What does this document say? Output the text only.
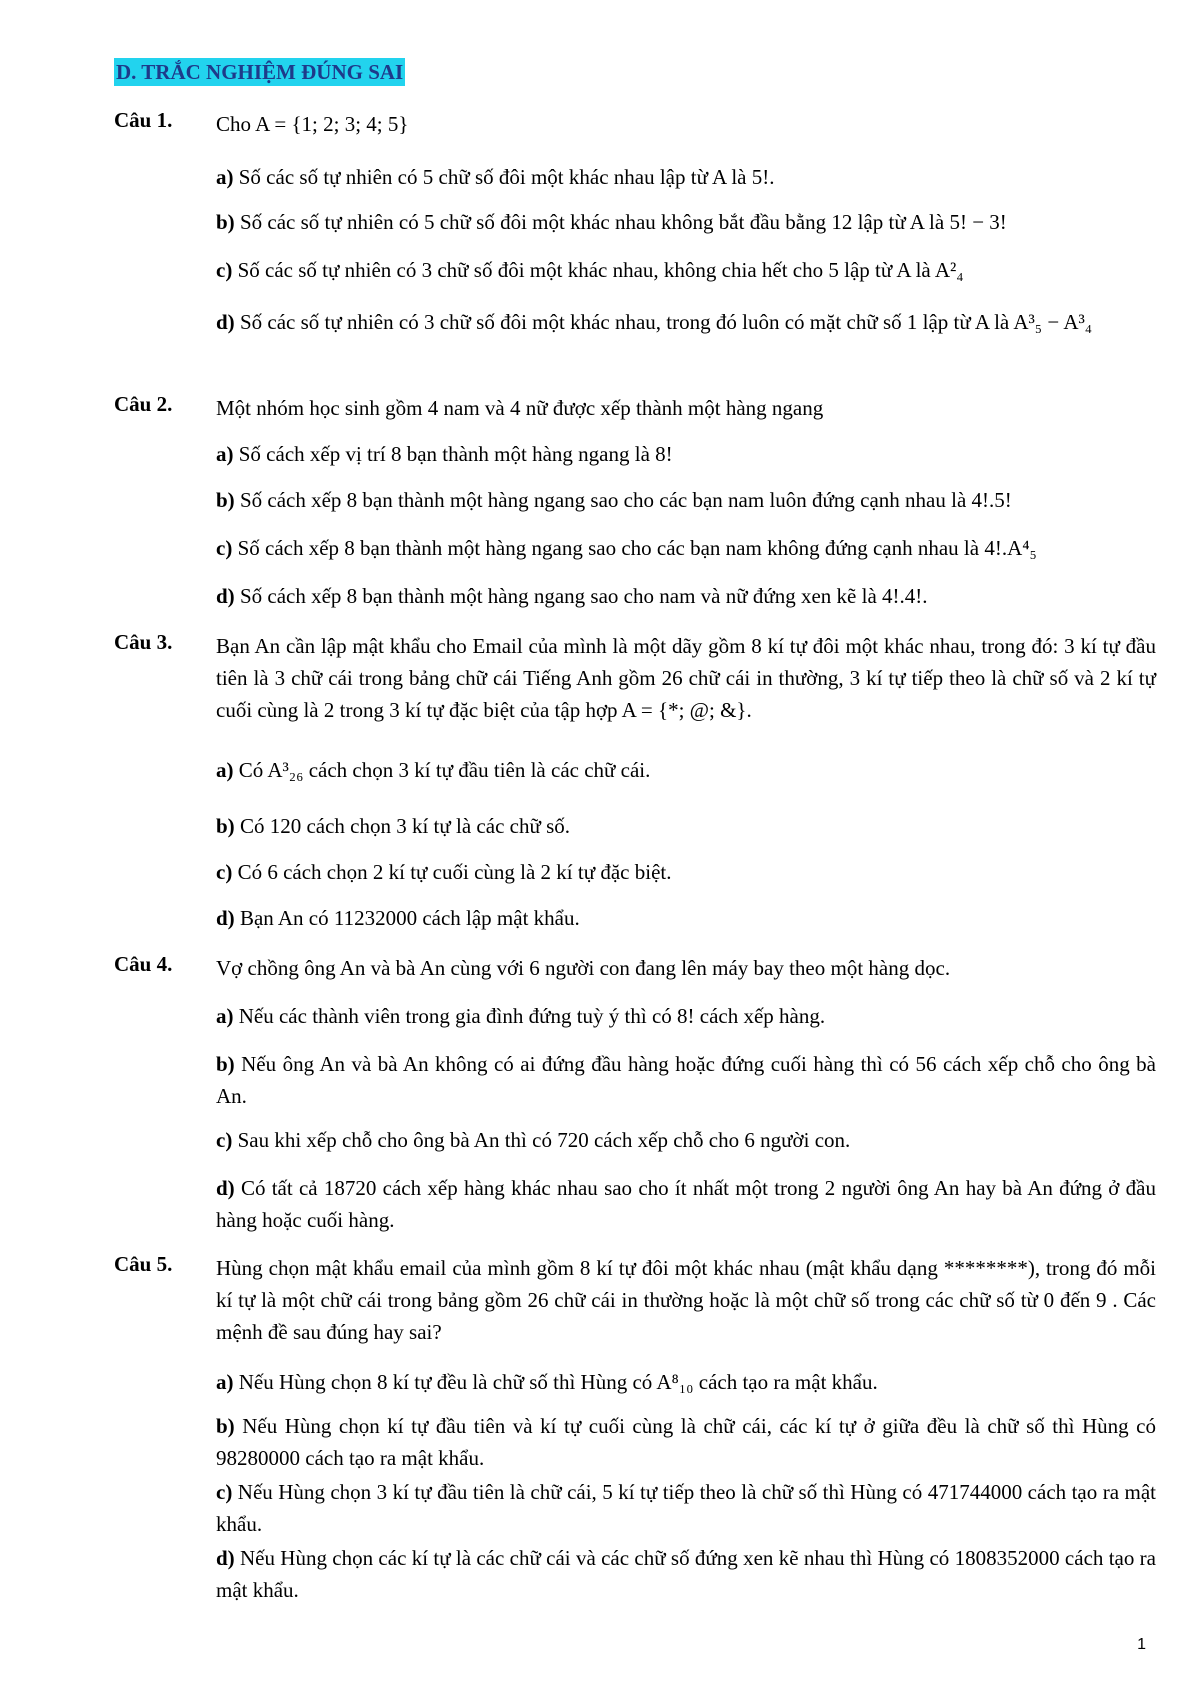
D. TRẮC NGHIỆM ĐÚNG SAI
Câu 1. Cho A = {1; 2; 3; 4; 5}
a) Số các số tự nhiên có 5 chữ số đôi một khác nhau lập từ A là 5!.
b) Số các số tự nhiên có 5 chữ số đôi một khác nhau không bắt đầu bằng 12 lập từ A là 5! − 3!
c) Số các số tự nhiên có 3 chữ số đôi một khác nhau, không chia hết cho 5 lập từ A là A²₄
d) Số các số tự nhiên có 3 chữ số đôi một khác nhau, trong đó luôn có mặt chữ số 1 lập từ A là A³₅ − A³₄
Câu 2. Một nhóm học sinh gồm 4 nam và 4 nữ được xếp thành một hàng ngang
a) Số cách xếp vị trí 8 bạn thành một hàng ngang là 8!
b) Số cách xếp 8 bạn thành một hàng ngang sao cho các bạn nam luôn đứng cạnh nhau là 4!.5!
c) Số cách xếp 8 bạn thành một hàng ngang sao cho các bạn nam không đứng cạnh nhau là 4!.A⁴₅
d) Số cách xếp 8 bạn thành một hàng ngang sao cho nam và nữ đứng xen kẽ là 4!.4!.
Câu 3. Bạn An cần lập mật khẩu cho Email của mình là một dãy gồm 8 kí tự đôi một khác nhau, trong đó: 3 kí tự đầu tiên là 3 chữ cái trong bảng chữ cái Tiếng Anh gồm 26 chữ cái in thường, 3 kí tự tiếp theo là chữ số và 2 kí tự cuối cùng là 2 trong 3 kí tự đặc biệt của tập hợp A = {*; @; &}.
a) Có A³₂₆ cách chọn 3 kí tự đầu tiên là các chữ cái.
b) Có 120 cách chọn 3 kí tự là các chữ số.
c) Có 6 cách chọn 2 kí tự cuối cùng là 2 kí tự đặc biệt.
d) Bạn An có 11232000 cách lập mật khẩu.
Câu 4. Vợ chồng ông An và bà An cùng với 6 người con đang lên máy bay theo một hàng dọc.
a) Nếu các thành viên trong gia đình đứng tuỳ ý thì có 8! cách xếp hàng.
b) Nếu ông An và bà An không có ai đứng đầu hàng hoặc đứng cuối hàng thì có 56 cách xếp chỗ cho ông bà An.
c) Sau khi xếp chỗ cho ông bà An thì có 720 cách xếp chỗ cho 6 người con.
d) Có tất cả 18720 cách xếp hàng khác nhau sao cho ít nhất một trong 2 người ông An hay bà An đứng ở đầu hàng hoặc cuối hàng.
Câu 5. Hùng chọn mật khẩu email của mình gồm 8 kí tự đôi một khác nhau (mật khẩu dạng ********), trong đó mỗi kí tự là một chữ cái trong bảng gồm 26 chữ cái in thường hoặc là một chữ số trong các chữ số từ 0 đến 9 . Các mệnh đề sau đúng hay sai?
a) Nếu Hùng chọn 8 kí tự đều là chữ số thì Hùng có A⁸₁₀ cách tạo ra mật khẩu.
b) Nếu Hùng chọn kí tự đầu tiên và kí tự cuối cùng là chữ cái, các kí tự ở giữa đều là chữ số thì Hùng có 98280000 cách tạo ra mật khẩu.
c) Nếu Hùng chọn 3 kí tự đầu tiên là chữ cái, 5 kí tự tiếp theo là chữ số thì Hùng có 471744000 cách tạo ra mật khẩu.
d) Nếu Hùng chọn các kí tự là các chữ cái và các chữ số đứng xen kẽ nhau thì Hùng có 1808352000 cách tạo ra mật khẩu.
1
